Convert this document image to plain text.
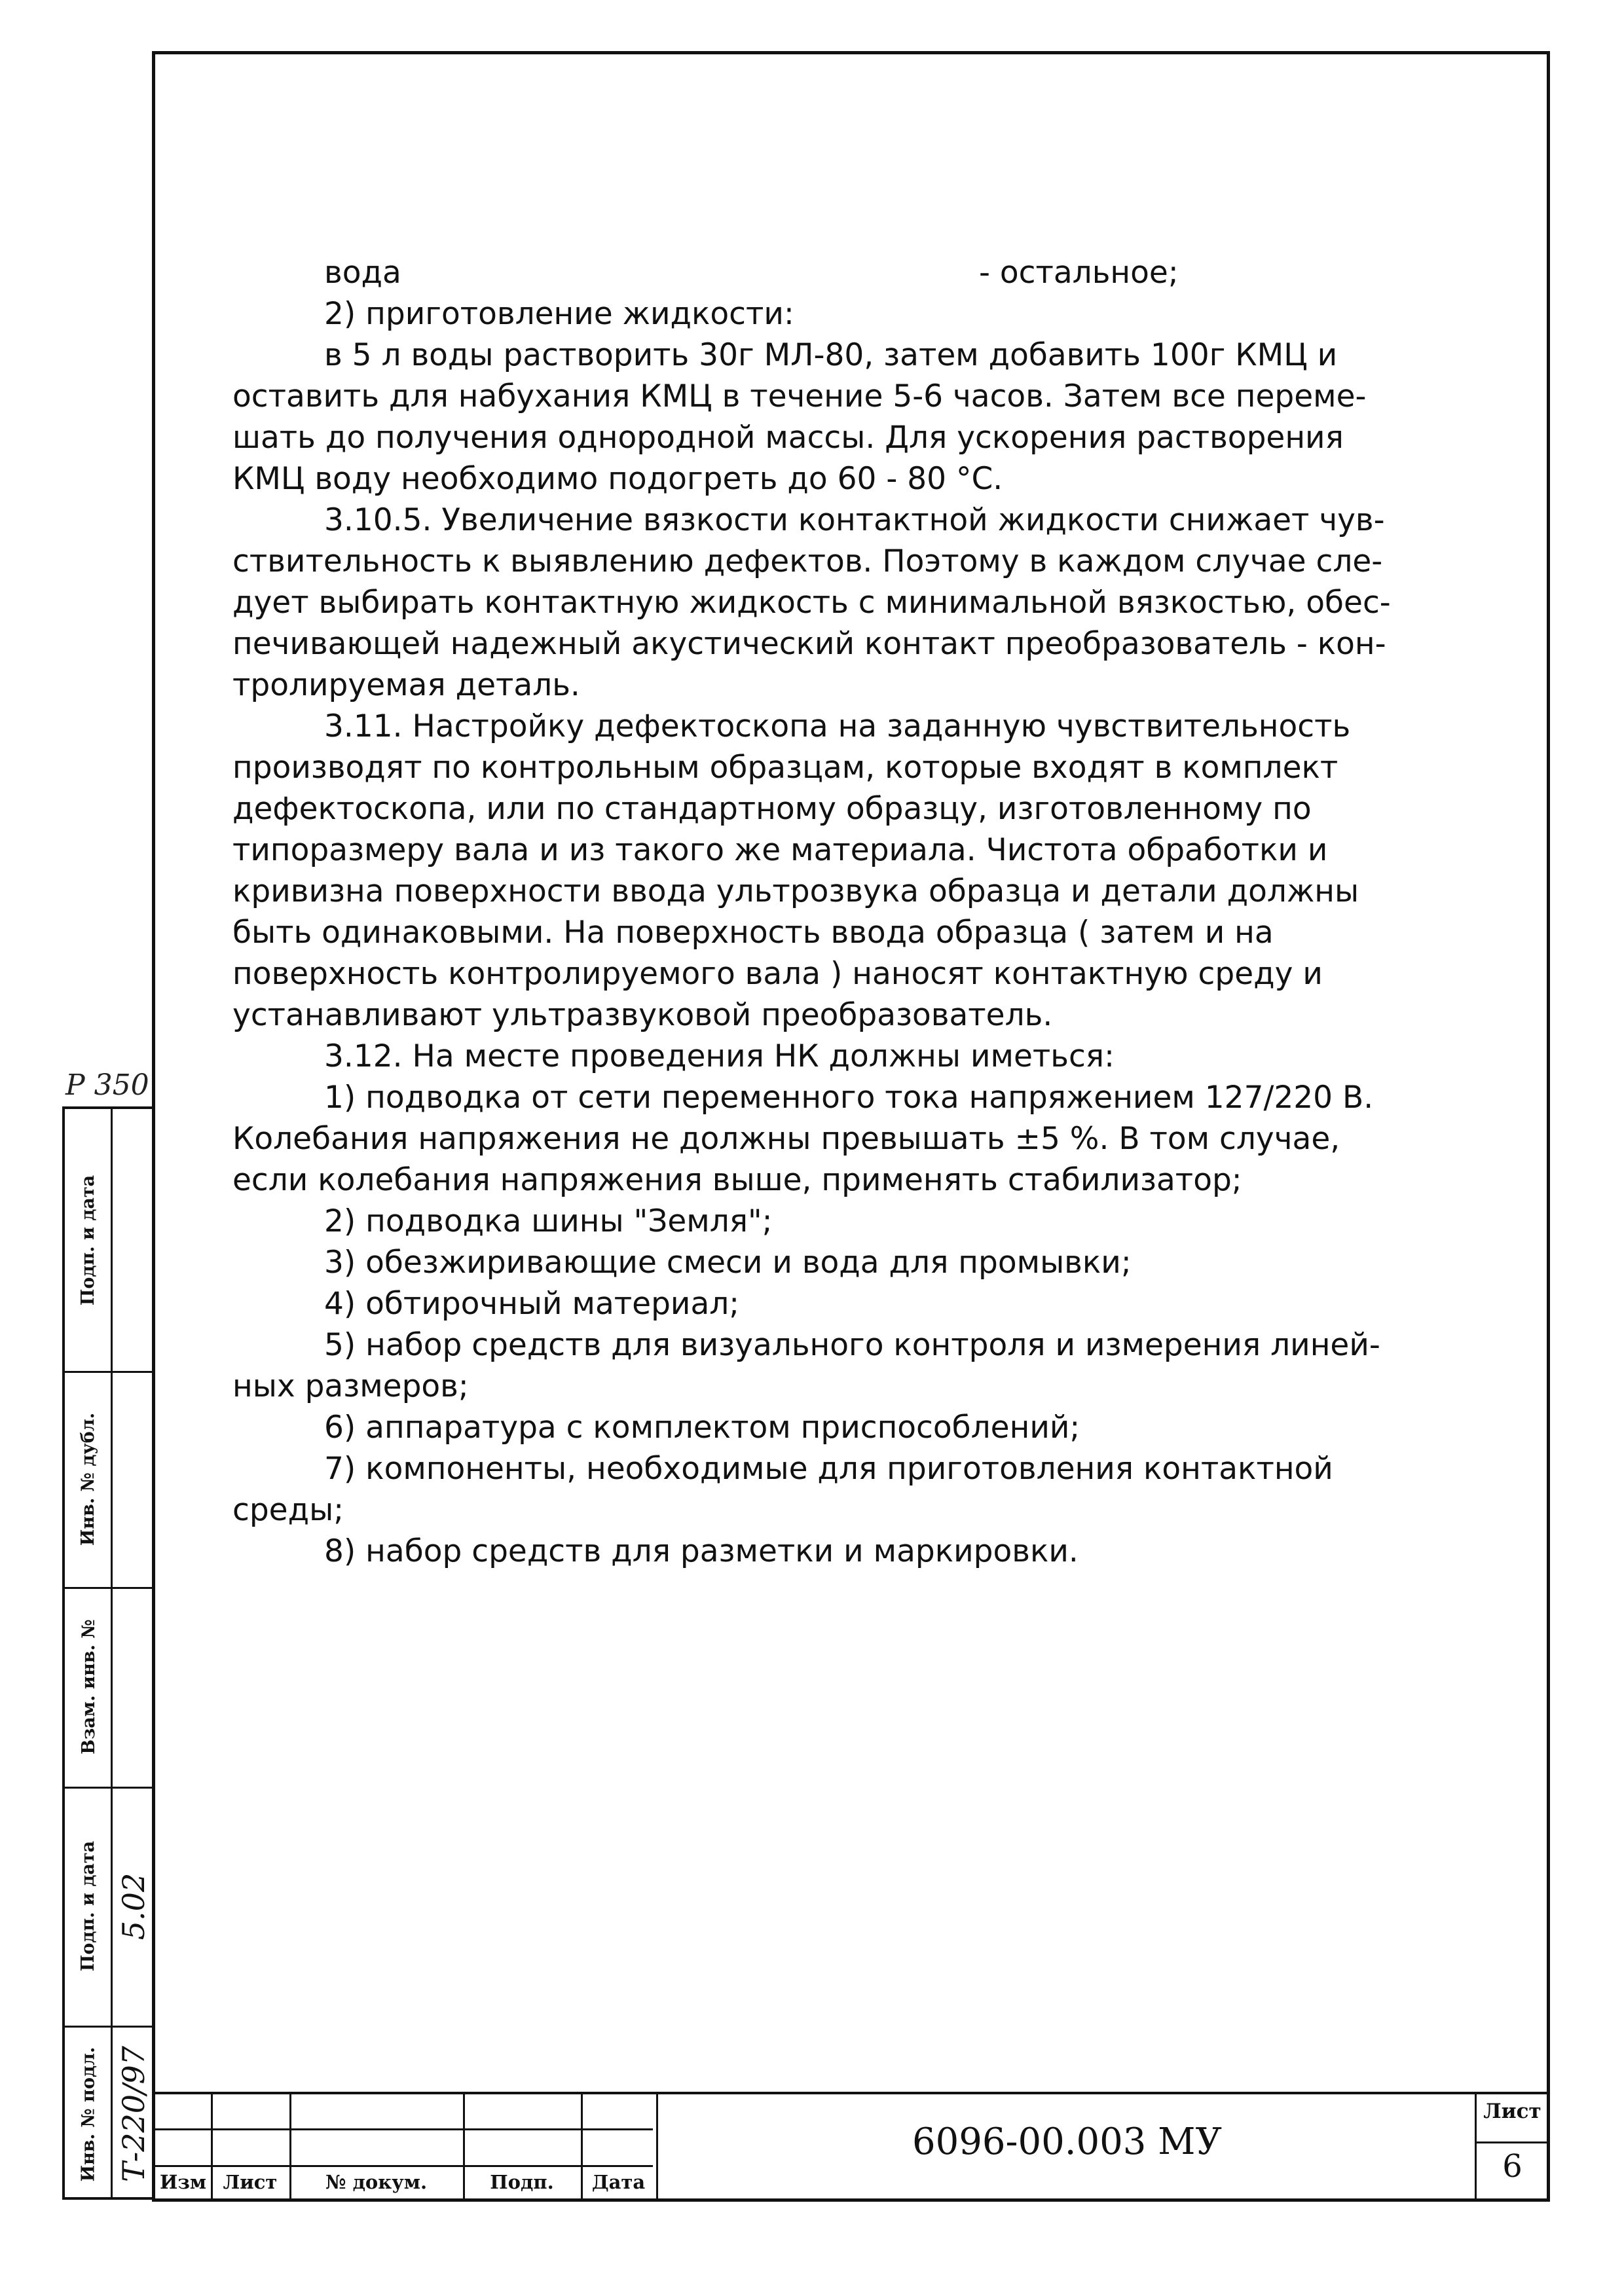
вода	- остальное;

2) приготовление жидкости:

в 5 л воды растворить 30г МЛ-80, затем добавить 100г КМЦ и

оставить для набухания КМЦ в течение 5-6 часов. Затем все переме-

шать до получения однородной массы. Для ускорения растворения

КМЦ воду необходимо подогреть до 60 - 80 °С.

3.10.5. Увеличение вязкости контактной жидкости снижает чув-

ствительность к выявлению дефектов. Поэтому в каждом случае сле-

дует выбирать контактную жидкость с минимальной вязкостью, обес-

печивающей надежный акустический контакт преобразователь - кон-

тролируемая деталь.

3.11. Настройку дефектоскопа на заданную чувствительность

производят по контрольным образцам, которые входят в комплект

дефектоскопа, или по стандартному образцу, изготовленному по

типоразмеру вала и из такого же материала. Чистота обработки и

кривизна поверхности ввода ультрозвука образца и детали должны

быть одинаковыми. На поверхность ввода образца ( затем и на

поверхность контролируемого вала ) наносят контактную среду и

устанавливают ультразвуковой преобразователь.

3.12. На месте проведения НК должны иметься:

1) подводка от сети переменного тока напряжением 127/220 В.

Колебания напряжения не должны превышать ±5 %. В том случае,

если колебания напряжения выше, применять стабилизатор;

2) подводка шины "Земля";

3) обезжиривающие смеси и вода для промывки;

4) обтирочный материал;

5) набор средств для визуального контроля и измерения линей-

ных размеров;

6) аппаратура с комплектом приспособлений;

7) компоненты, необходимые для приготовления контактной

среды;

8) набор средств для разметки и маркировки.

Р 350
Подп. и дата
Инв. № дубл.
Взам. инв. №
Подп. и дата
Инв. № подл.
5.02
Т-220/97 Изм Лист	№ докум.	Подп.	Дата
6096-00.003 МУ
Лист
6
